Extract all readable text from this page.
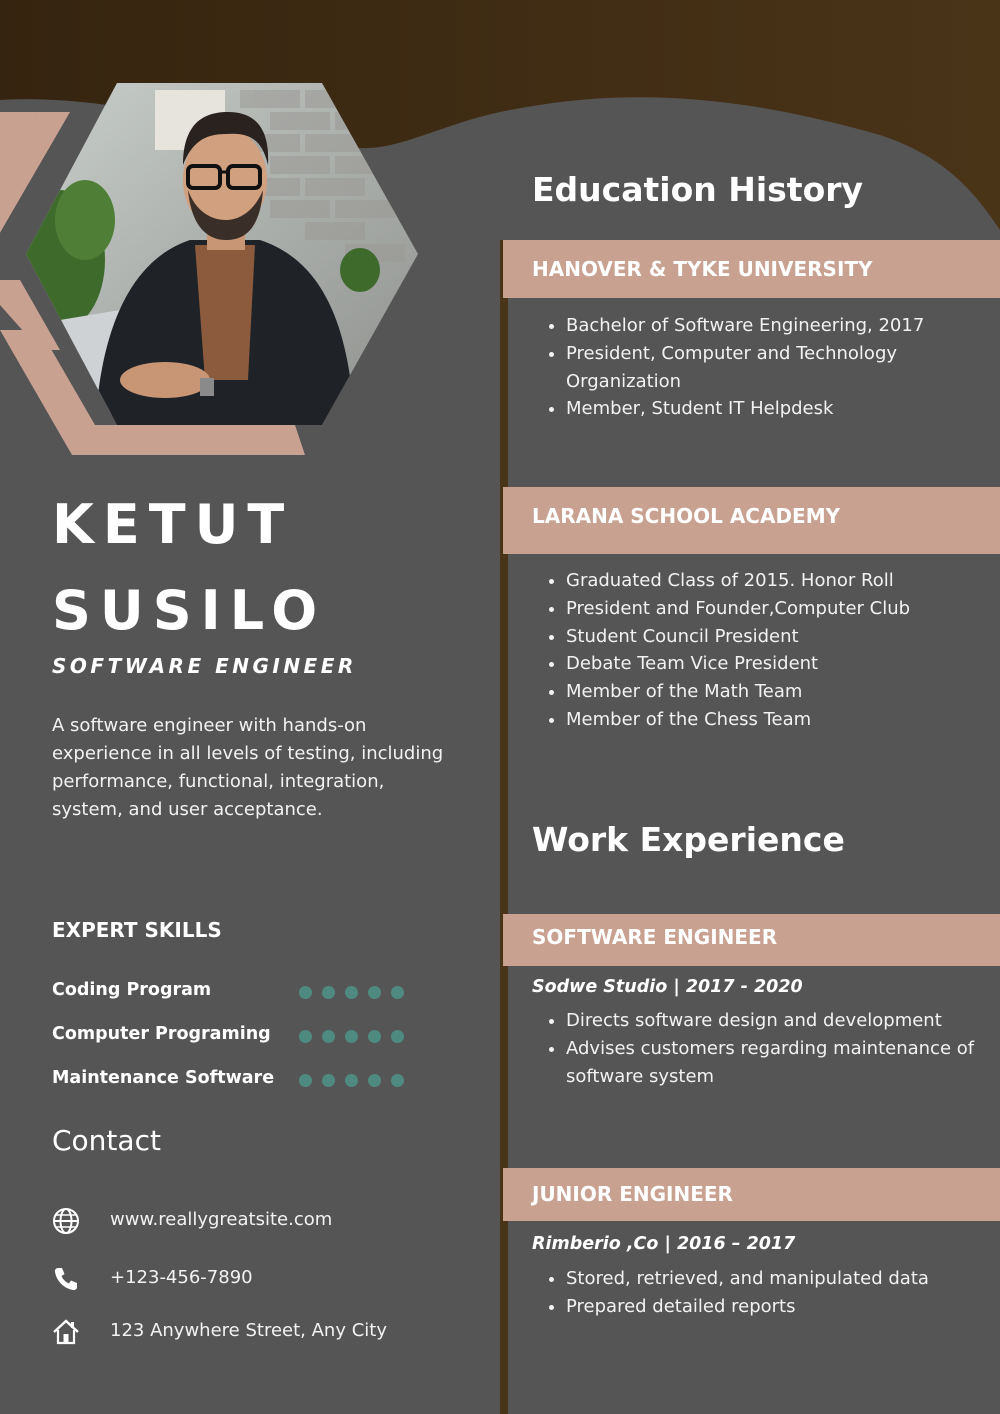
KETUT
SUSILO
SOFTWARE ENGINEER

A software engineer with hands-on experience in all levels of testing, including performance, functional, integration, system, and user acceptance.

EXPERT SKILLS
Coding Program
Computer Programing
Maintenance Software
Contact
www.reallygreatsite.com
+123-456-7890
123 Anywhere Street, Any City
Education History
HANOVER & TYKE UNIVERSITY
• Bachelor of Software Engineering, 2017
• President, Computer and Technology Organization
• Member, Student IT Helpdesk
LARANA SCHOOL ACADEMY
• Graduated Class of 2015. Honor Roll
• President and Founder,Computer Club
• Student Council President
• Debate Team Vice President
• Member of the Math Team
• Member of the Chess Team
Work Experience
SOFTWARE ENGINEER
Sodwe Studio | 2017 - 2020
• Directs software design and development
• Advises customers regarding maintenance of software system
JUNIOR ENGINEER
Rimberio ,Co | 2016 – 2017
• Stored, retrieved, and manipulated data
• Prepared detailed reports
